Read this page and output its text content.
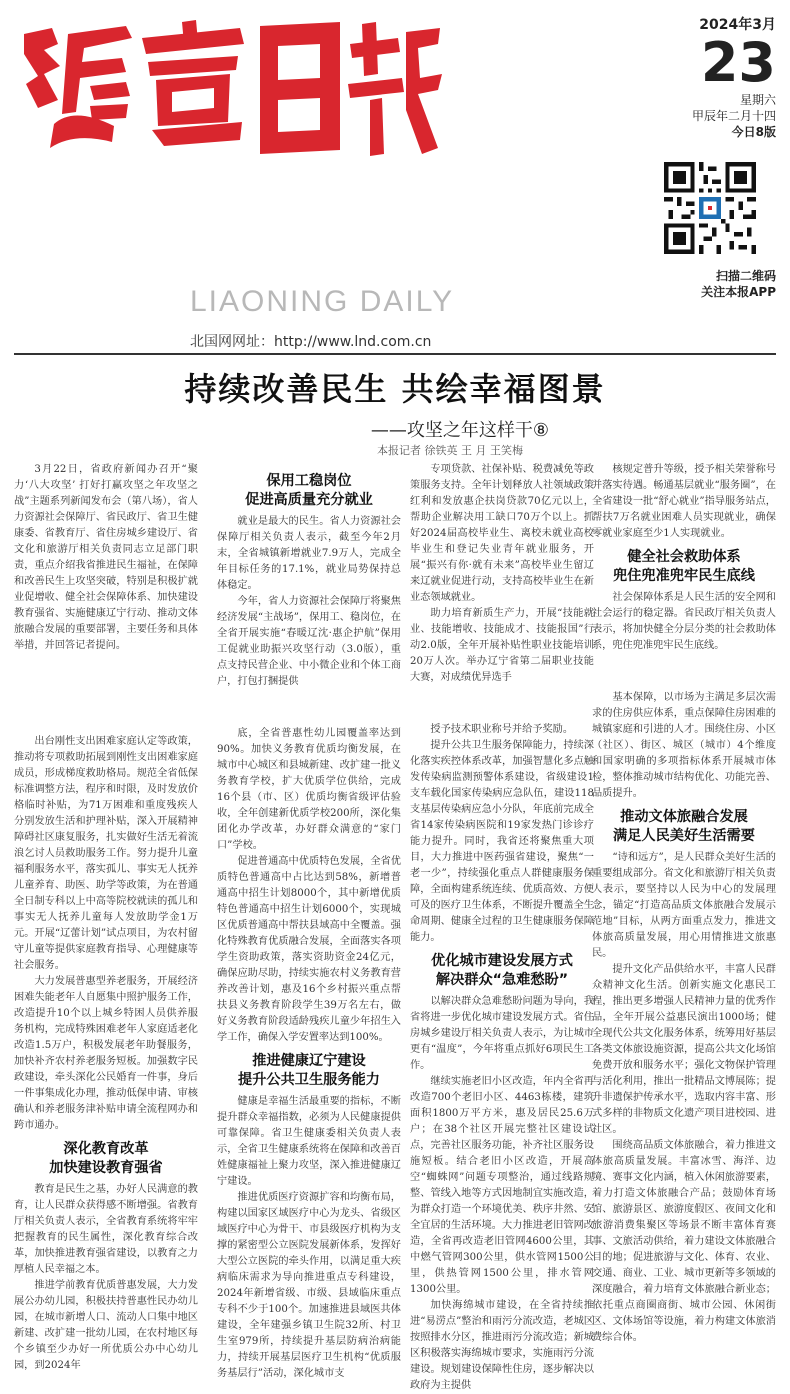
LIAONING DAILY
北国网网址：http://www.lnd.com.cn
2024年3月
23
星期六
甲辰年二月十四
今日8版
扫描二维码
关注本报APP
持续改善民生 共绘幸福图景
——攻坚之年这样干⑧
本报记者 徐铁英 王 月 王笑梅

3月22日，省政府新闻办召开“聚力‘八大攻坚’ 打好打赢攻坚之年攻坚之战”主题系列新闻发布会（第八场），省人力资源社会保障厅、省民政厅、省卫生健康委、省教育厅、省住房城乡建设厅、省文化和旅游厅相关负责同志立足部门职责，重点介绍我省推进民生福祉，在保障和改善民生上攻坚突破，特别是积极扩就业促增收、健全社会保障体系、加快建设教育强省、实施健康辽宁行动、推动文体旅融合发展的重要部署，主要任务和具体举措，并回答记者提问。

出台刚性支出困难家庭认定等政策，推动将专项救助拓展到刚性支出困难家庭成员，形成梯度救助格局。规范全省低保标准调整方法，程序和时限，及时发放价格临时补贴，为71万困难和重度残疾人分别发放生活和护理补贴，深入开展精神障碍社区康复服务，扎实做好生活无着流浪乞讨人员救助服务工作。努力提升儿童福利服务水平，落实孤儿、事实无人抚养儿童养育、助医、助学等政策，为在普通全日制专科以上中高等院校就读的孤儿和事实无人抚养儿童每人发放助学金1万元。开展“辽蕾计划”试点项目，为农村留守儿童等提供家庭教育指导、心理健康等社会服务。

大力发展普惠型养老服务，开展经济困难失能老年人自愿集中照护服务工作，改造提升10个以上城乡特困人员供养服务机构，完成特殊困难老年人家庭适老化改造1.5万户，积极发展老年助餐服务，加快补齐农村养老服务短板。加强数字民政建设，牵头深化公民婚育一件事，身后一件事集成化办理，推动低保申请、审核确认和养老服务津补贴申请全流程网办和跨市通办。

深化教育改革
加快建设教育强省

教育是民生之基，办好人民满意的教育，让人民群众获得感不断增强。省教育厅相关负责人表示，全省教育系统将牢牢把握教育的民生属性，深化教育综合改革，加快推进教育强省建设，以教育之力厚植人民幸福之本。

推进学前教育优质普惠发展，大力发展公办幼儿园，积极扶持普惠性民办幼儿园，在城市新增人口、流动人口集中地区新建、改扩建一批幼儿园，在农村地区每个乡镇至少办好一所优质公办中心幼儿园，到2024年

保用工稳岗位
促进高质量充分就业

就业是最大的民生。省人力资源社会保障厅相关负责人表示，截至今年2月末，全省城镇新增就业7.9万人，完成全年目标任务的17.1%，就业局势保持总体稳定。

今年，省人力资源社会保障厅将聚焦经济发展“主战场”，保用工、稳岗位，在全省开展实施“春暖辽沈·惠企护航”保用工促就业助振兴攻坚行动（3.0版），重点支持民营企业、中小微企业和个体工商户，打包打捆提供

底，全省普惠性幼儿园覆盖率达到90%。加快义务教育优质均衡发展，在城市中心城区和县城新建、改扩建一批义务教育学校，扩大优质学位供给，完成16个县（市、区）优质均衡省级评估验收，全年创建新优质学校200所，深化集团化办学改革，办好群众满意的“家门口”学校。

促进普通高中优质特色发展，全省优质特色普通高中占比达到58%，新增普通高中招生计划8000个，其中新增优质特色普通高中招生计划6000个，实现城区优质普通高中帮扶县域高中全覆盖。强化特殊教育优质融合发展，全面落实各项学生资助政策，落实资助资金24亿元，确保应助尽助，持续实施农村义务教育营养改善计划，惠及16个乡村振兴重点帮扶县义务教育阶段学生39万名左右，做好义务教育阶段适龄残疾儿童少年招生入学工作，确保入学安置率达到100%。

推进健康辽宁建设
提升公共卫生服务能力

健康是幸福生活最重要的指标，不断提升群众幸福指数，必须为人民健康提供可靠保障。省卫生健康委相关负责人表示，全省卫生健康系统将在保障和改善百姓健康福祉上聚力攻坚，深入推进健康辽宁建设。

推进优质医疗资源扩容和均衡布局，构建以国家区域医疗中心为龙头、省级区域医疗中心为骨干、市县级医疗机构为支撑的紧密型公立医院发展新体系，发挥好大型公立医院的牵头作用，以满足重大疾病临床需求为导向推进重点专科建设，2024年新增省级、市级、县域临床重点专科不少于100个。加速推进县域医共体建设，全年建强乡镇卫生院32所、村卫生室979所，持续提升基层防病治病能力，持续开展基层医疗卫生机构“优质服务基层行”活动，深化城市支

专项贷款、社保补贴、税费减免等政策服务支持。全年计划释放人社领域政策红利和发放惠企扶岗贷款70亿元以上，帮助企业解决用工缺口70万个以上。抓好2024届高校毕业生、离校未就业高校毕业生和登记失业青年就业服务，开展“振兴有你·就有未来”高校毕业生留辽来辽就业促进行动，支持高校毕业生在新业态领域就业。

助力培育新质生产力，开展“技能就业、技能增收、技能成才、技能报国”行动2.0版，全年开展补贴性职业技能培训20万人次。举办辽宁省第二届职业技能大赛，对成绩优异选手

授予技术职业称号并给予奖励。

提升公共卫生服务保障能力，持续深化落实疾控体系改革，加强智慧化多点触发传染病监测预警体系建设，省级建设1支车载化国家传染病应急队伍，建设118支基层传染病应急小分队，年底前完成全省14家传染病医院和19家发热门诊诊疗能力提升。同时，我省还将聚焦重大项目，大力推进中医药强省建设，聚焦“一老一少”，持续强化重点人群健康服务保障，全面构建系统连续、优质高效、方便可及的医疗卫生体系，不断提升覆盖全生命周期、健康全过程的卫生健康服务保障能力。

优化城市建设发展方式
解决群众“急难愁盼”

以解决群众急难愁盼问题为导向，我省将进一步优化城市建设发展方式。省住房城乡建设厅相关负责人表示，为让城市更有“温度”，今年将重点抓好6项民生工作。

继续实施老旧小区改造，年内全省再改造700个老旧小区、4463栋楼，建筑面积1800万平方米，惠及居民25.6万户；在38个社区开展完整社区建设试点，完善社区服务功能，补齐社区服务设施短板。结合老旧小区改造，开展高空“蜘蛛网”问题专项整治，通过线路规整、管线入地等方式因地制宜实施改造，为群众打造一个环境优美、秩序井然、安全宜居的生活环境。大力推进老旧管网改造，全省再改造老旧管网4600公里，其中燃气管网300公里，供水管网1500公里，供热管网1500公里，排水管网1300公里。

加快海绵城市建设，在全省持续推进“易涝点”整治和雨污分流改造，老城区按照排水分区，推进雨污分流改造；新城区积极落实海绵城市要求，实施雨污分流建设。规划建设保障性住房，逐步解决以政府为主提供

核规定普升等级，授予相关荣誉称号并落实待遇。畅通基层就业“服务圈”，在全省建设一批“舒心就业”指导服务站点，帮扶7万名就业困难人员实现就业，确保零就业家庭至少1人实现就业。

健全社会救助体系
兜住兜准兜牢民生底线

社会保障体系是人民生活的安全网和社会运行的稳定器。省民政厅相关负责人表示，将加快健全分层分类的社会救助体系，兜住兜准兜牢民生底线。

基本保障，以市场为主满足多层次需求的住房供应体系，重点保障住房困难的城镇家庭和引进的人才。围绕住房、小区（社区）、街区、城区（城市）4个维度和国家明确的多项指标体系开展城市体检，整体推动城市结构优化、功能完善、品质提升。

推动文体旅融合发展
满足人民美好生活需要

“诗和远方”，是人民群众美好生活的重要组成部分。省文化和旅游厅相关负责人表示，要坚持以人民为中心的发展理念，锚定“打造高品质文体旅融合发展示范地”目标，从两方面重点发力，推进文体旅高质量发展，用心用情推进文旅惠民。

提升文化产品供给水平，丰富人民群众精神文化生活。创新实施文化惠民工程，推出更多增强人民精神力量的优秀作品，全年开展公益惠民演出1000场；健全现代公共文化服务体系，统筹用好基层各类文体旅设施资源，提高公共文化场馆免费开放和服务水平；强化文物保护管理与活化利用，推出一批精品文博展陈；提升非遗保护传承水平，选取内容丰富、形式多样的非物质文化遗产项目进校园、进社区。

围绕高品质文体旅融合，着力推进文体旅高质量发展。丰富冰雪、海洋、边境、赛事文化内涵，植入休闲旅游要素，着力打造文体旅融合产品；鼓励体育场馆、旅游景区、旅游度假区、夜间文化和旅游消费集聚区等场景不断丰富体育赛事、文旅活动供给，着力建设文体旅融合目的地；促进旅游与文化、体育、农业、交通、商业、工业、城市更新等多领域的深度融合，着力培育文体旅融合新业态；依托重点商圈商街、城市公园、休闲街区、文体场馆等设施，着力构建文体旅消费综合体。
